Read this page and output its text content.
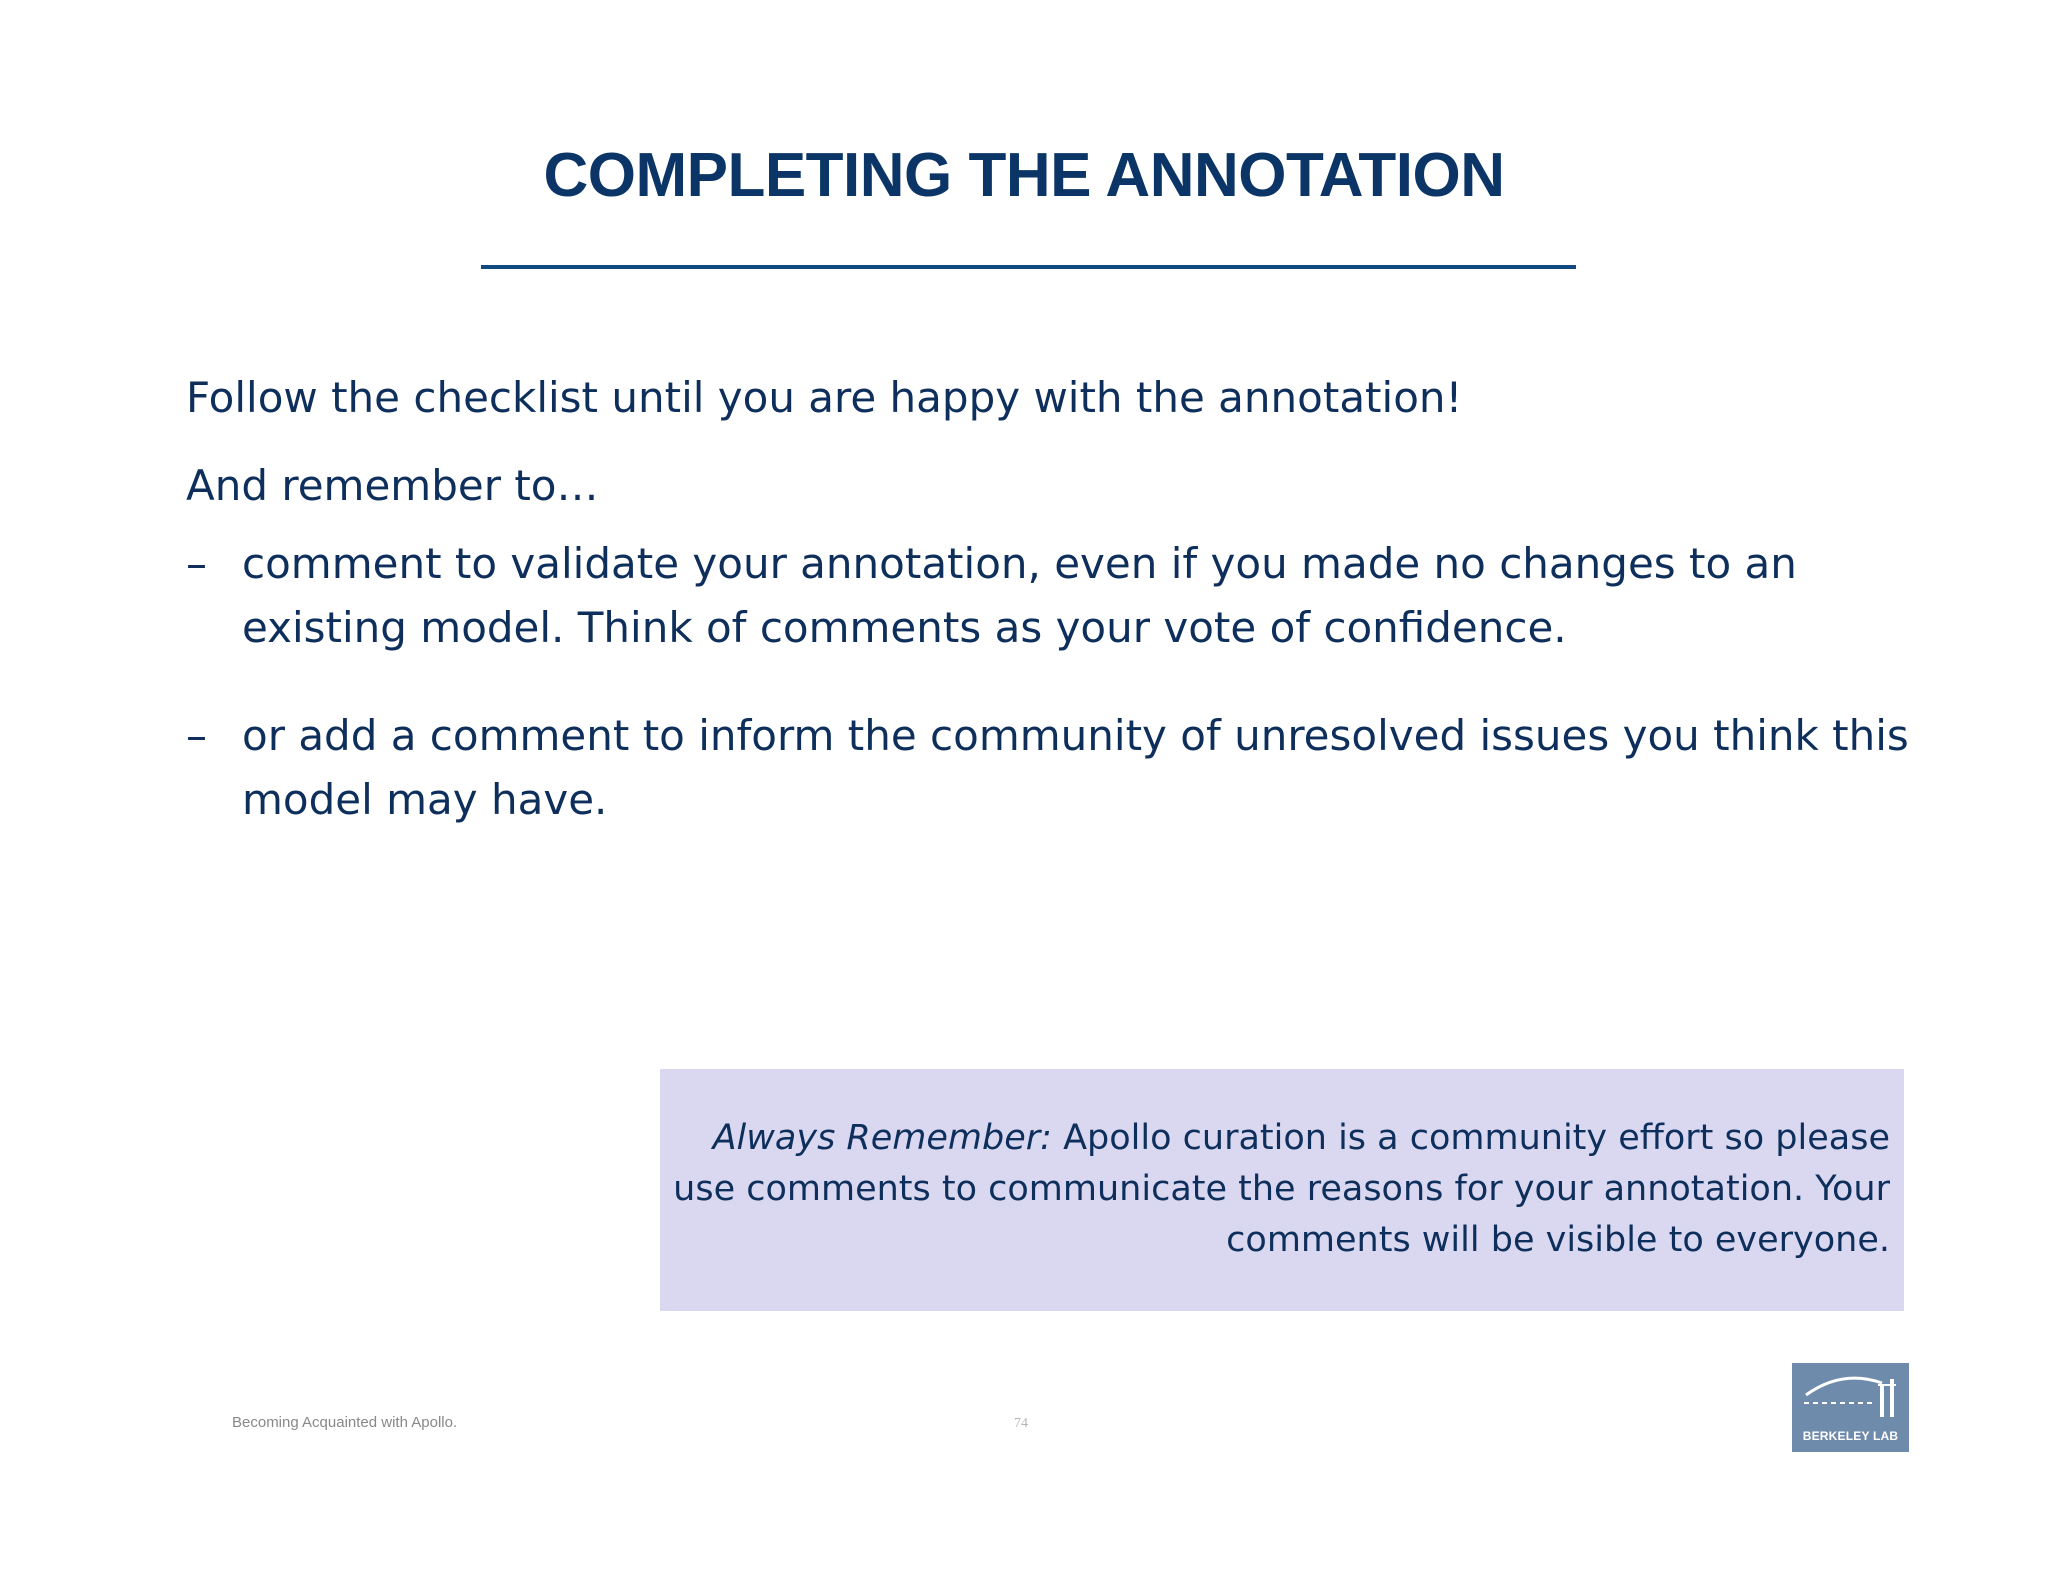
COMPLETING THE ANNOTATION
Follow the checklist until you are happy with the annotation!
And remember to…
– comment to validate your annotation, even if you made no changes to an existing model. Think of comments as your vote of confidence.
– or add a comment to inform the community of unresolved issues you think this model may have.
Always Remember: Apollo curation is a community effort so please use comments to communicate the reasons for your annotation. Your comments will be visible to everyone.
Becoming Acquainted with Apollo.	74
BERKELEY LAB
